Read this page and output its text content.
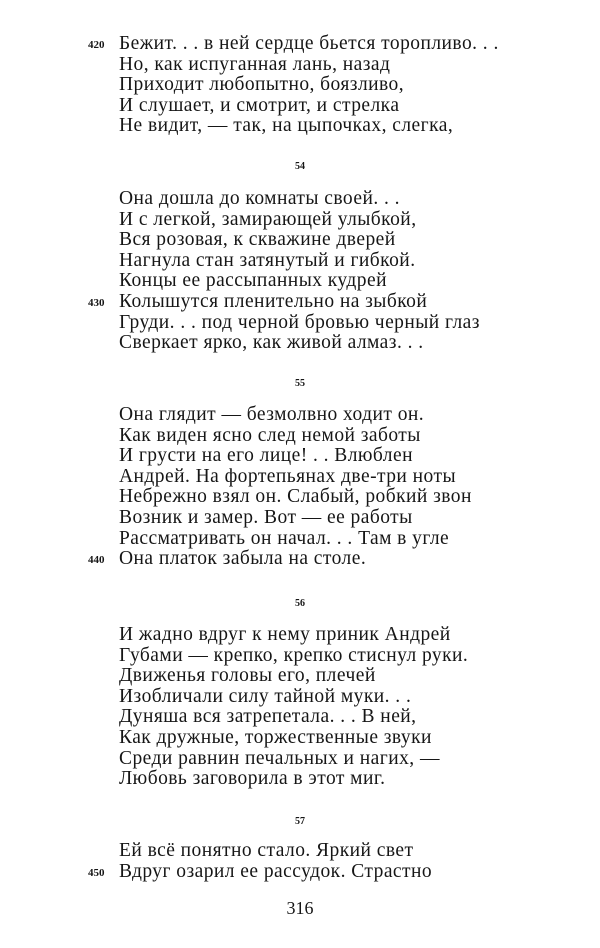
54
55
56
57
420 Бежит. . . в ней сердце бьется торопливо. . .
Но, как испуганная лань, назад
Приходит любопытно, боязливо,
И слушает, и смотрит, и стрелка
Не видит, — так, на цыпочках, слегка,
Она дошла до комнаты своей. . .
И с легкой, замирающей улыбкой,
Вся розовая, к скважине дверей
Нагнула стан затянутый и гибкой.
Концы ее рассыпанных кудрей
430 Колышутся пленительно на зыбкой
Груди. . . под черной бровью черный глаз
Сверкает ярко, как живой алмаз. . .
Она глядит — безмолвно ходит он.
Как виден ясно след немой заботы
И грусти на его лице! . . Влюблен
Андрей. На фортепьянах две-три ноты
Небрежно взял он. Слабый, робкий звон
Возник и замер. Вот — ее работы
Рассматривать он начал. . . Там в угле
440 Она платок забыла на столе.
И жадно вдруг к нему приник Андрей
Губами — крепко, крепко стиснул руки.
Движенья головы его, плечей
Изобличали силу тайной муки. . .
Дуняша вся затрепетала. . . В ней,
Как дружные, торжественные звуки
Среди равнин печальных и нагих, —
Любовь заговорила в этот миг.
Ей всё понятно стало. Яркий свет
450 Вдруг озарил ее рассудок. Страстно
316
